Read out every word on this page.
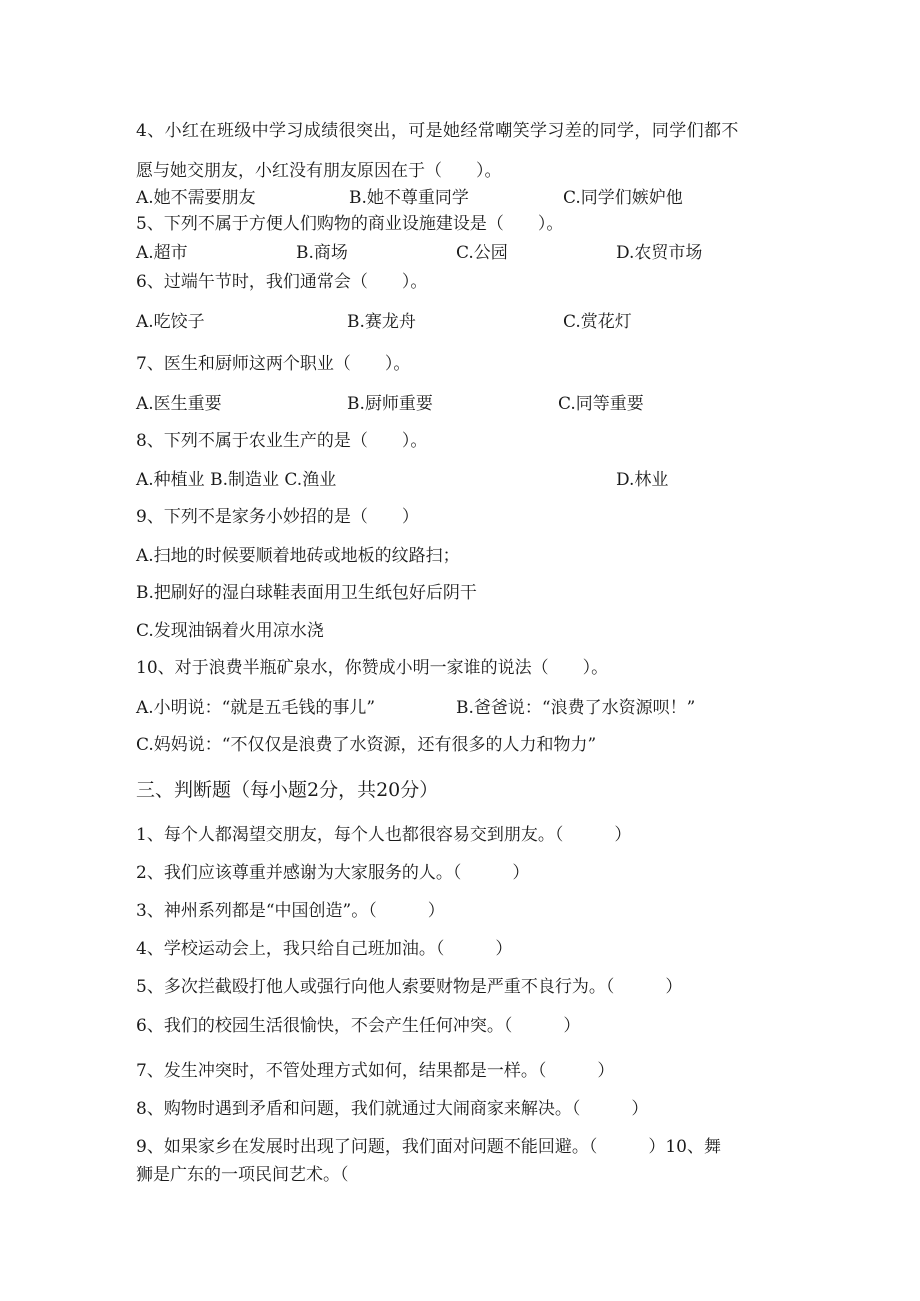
4、小红在班级中学习成绩很突出，可是她经常嘲笑学习差的同学，同学们都不
愿与她交朋友，小红没有朋友原因在于（　　）。
A.她不需要朋友	B.她不尊重同学	C.同学们嫉妒他
5、下列不属于方便人们购物的商业设施建设是（　　）。
A.超市	B.商场	C.公园	D.农贸市场
6、过端午节时，我们通常会（　　）。
A.吃饺子	B.赛龙舟	C.赏花灯
7、医生和厨师这两个职业（　　）。
A.医生重要	B.厨师重要	C.同等重要
8、下列不属于农业生产的是（　　）。
A.种植业 B.制造业 C.渔业	D.林业
9、下列不是家务小妙招的是（　　）
A.扫地的时候要顺着地砖或地板的纹路扫；
B.把刷好的湿白球鞋表面用卫生纸包好后阴干
C.发现油锅着火用凉水浇
10、对于浪费半瓶矿泉水，你赞成小明一家谁的说法（　　）。
A.小明说：“就是五毛钱的事儿”	B.爸爸说：“浪费了水资源呗！”
C.妈妈说：“不仅仅是浪费了水资源，还有很多的人力和物力”
三、判断题（每小题2分，共20分）
1、每个人都渴望交朋友，每个人也都很容易交到朋友。（　　　）
2、我们应该尊重并感谢为大家服务的人。（　　　）
3、神州系列都是“中国创造”。（　　　）
4、学校运动会上，我只给自己班加油。（　　　）
5、多次拦截殴打他人或强行向他人索要财物是严重不良行为。（　　　）
6、我们的校园生活很愉快，不会产生任何冲突。（　　　）
7、发生冲突时，不管处理方式如何，结果都是一样。（　　　）
8、购物时遇到矛盾和问题，我们就通过大闹商家来解决。（　　　）
9、如果家乡在发展时出现了问题，我们面对问题不能回避。（　　　）10、舞
狮是广东的一项民间艺术。（
